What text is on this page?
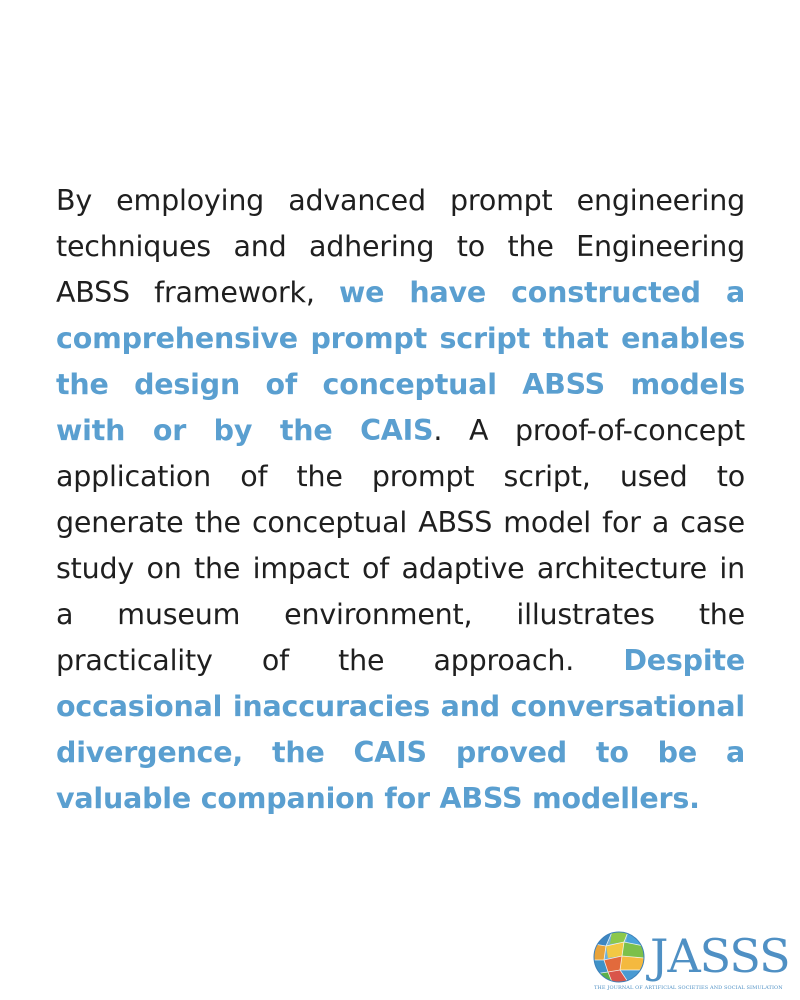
By employing advanced prompt engineering techniques and adhering to the Engineering ABSS framework, we have constructed a comprehensive prompt script that enables the design of conceptual ABSS models with or by the CAIS. A proof-of-concept application of the prompt script, used to generate the conceptual ABSS model for a case study on the impact of adaptive architecture in a museum environment, illustrates the practicality of the approach. Despite occasional inaccuracies and conversational divergence, the CAIS proved to be a valuable companion for ABSS modellers.

JASSS
THE JOURNAL OF ARTIFICIAL SOCIETIES AND SOCIAL SIMULATION
